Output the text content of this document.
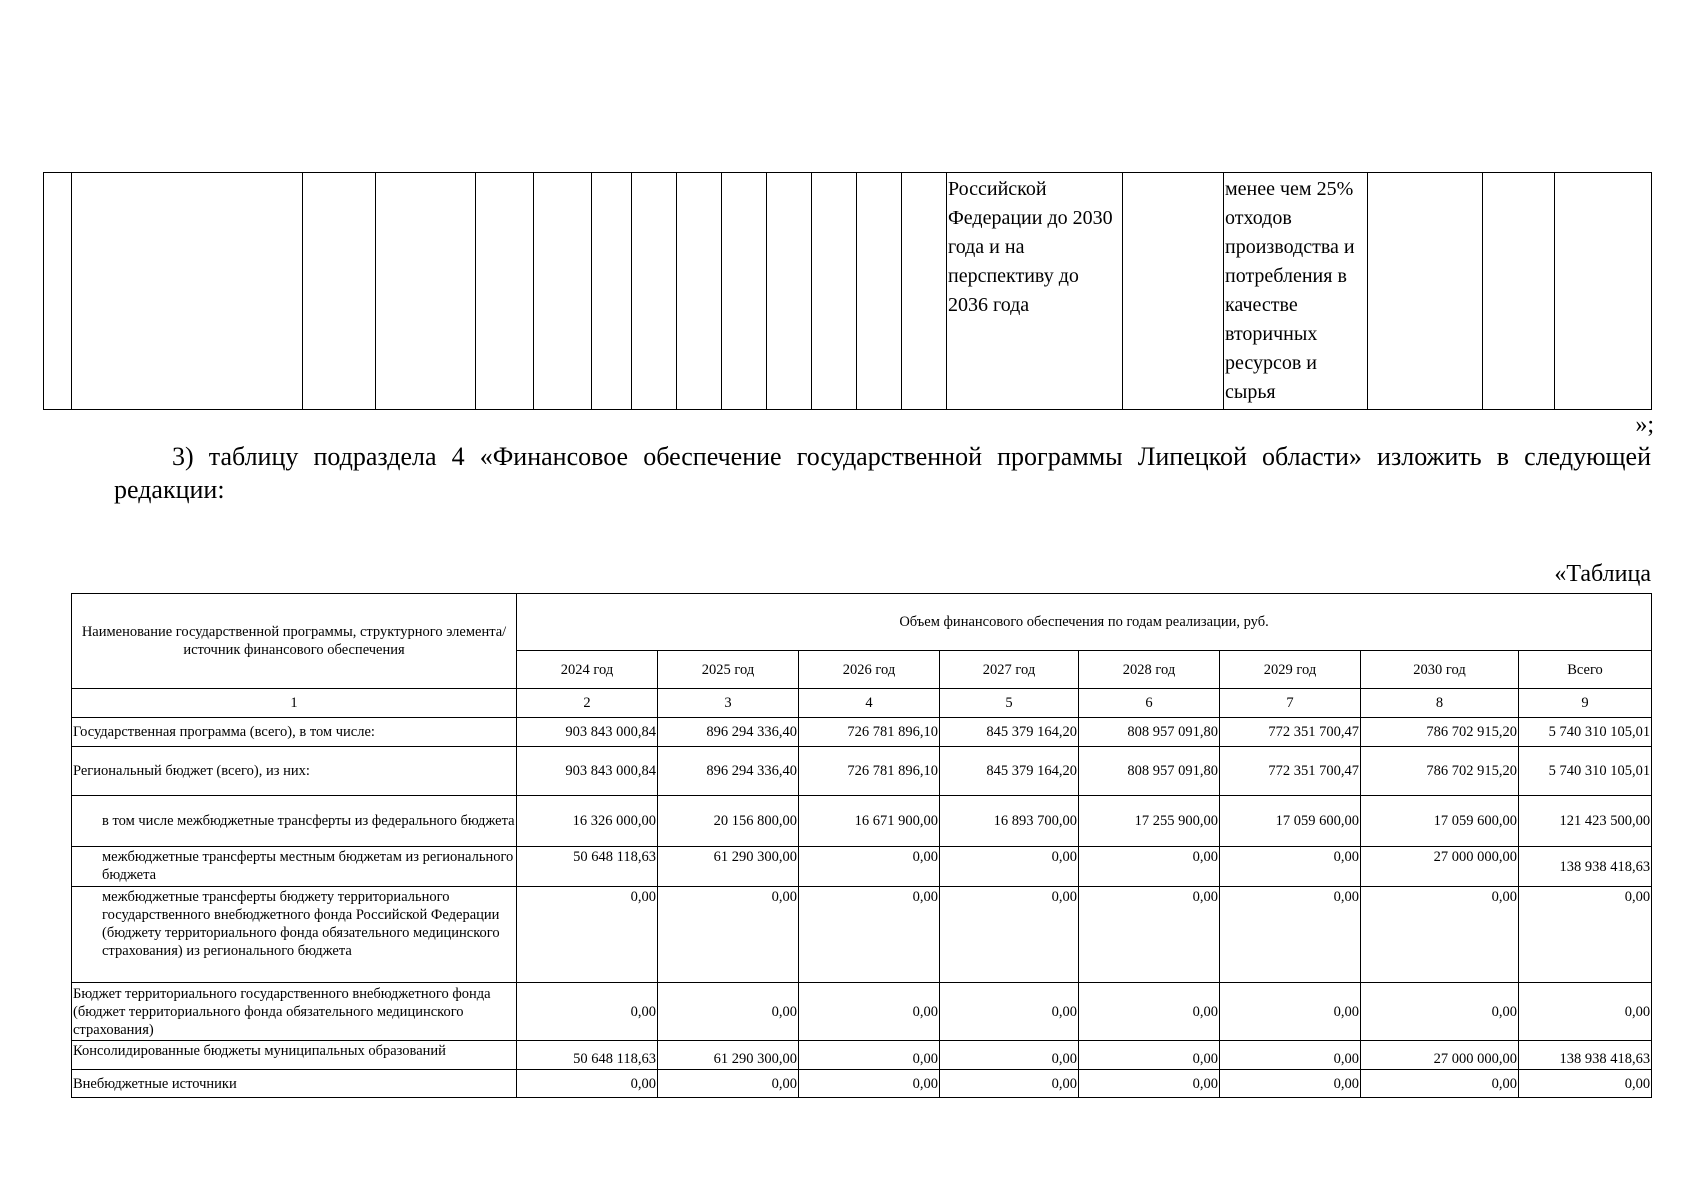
														Российской Федерации до 2030 года и на перспективу до 2036 года		менее чем 25% отходов производства и потребления в качестве вторичных ресурсов и сырья			
»;

3) таблицу подраздела 4 «Финансовое обеспечение государственной программы Липецкой области» изложить в следующей редакции:

«Таблица
Наименование государственной программы, структурного элемента/источник финансового обеспечения	Объем финансового обеспечения по годам реализации, руб.							
	2024 год	2025 год	2026 год	2027 год	2028 год	2029 год	2030 год	Всего
1	2	3	4	5	6	7	8	9
Государственная программа (всего), в том числе:	903 843 000,84	896 294 336,40	726 781 896,10	845 379 164,20	808 957 091,80	772 351 700,47	786 702 915,20	5 740 310 105,01
Региональный бюджет (всего), из них:	903 843 000,84	896 294 336,40	726 781 896,10	845 379 164,20	808 957 091,80	772 351 700,47	786 702 915,20	5 740 310 105,01
в том числе межбюджетные трансферты из федерального бюджета	16 326 000,00	20 156 800,00	16 671 900,00	16 893 700,00	17 255 900,00	17 059 600,00	17 059 600,00	121 423 500,00
межбюджетные трансферты местным бюджетам из регионального бюджета	50 648 118,63	61 290 300,00	0,00	0,00	0,00	0,00	27 000 000,00	138 938 418,63
межбюджетные трансферты бюджету территориального государственного внебюджетного фонда Российской Федерации (бюджету территориального фонда обязательного медицинского страхования) из регионального бюджета	0,00	0,00	0,00	0,00	0,00	0,00	0,00	0,00
Бюджет территориального государственного внебюджетного фонда (бюджет территориального фонда обязательного медицинского страхования)	0,00	0,00	0,00	0,00	0,00	0,00	0,00	0,00
Консолидированные бюджеты муниципальных образований	50 648 118,63	61 290 300,00	0,00	0,00	0,00	0,00	27 000 000,00	138 938 418,63
Внебюджетные источники	0,00	0,00	0,00	0,00	0,00	0,00	0,00	0,00
